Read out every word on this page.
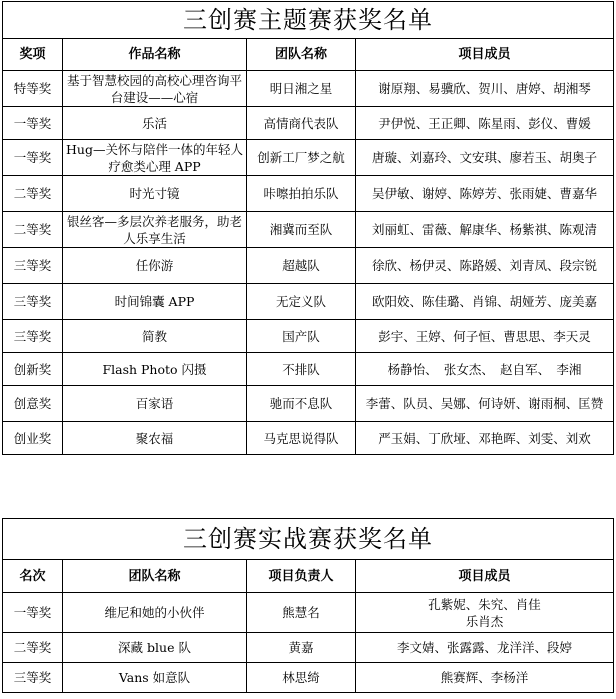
三创赛主题赛获奖名单			
奖项	作品名称	团队名称	项目成员
特等奖	基于智慧校园的高校心理咨询平台建设——心宿	明日湘之星	谢原翔、易骥欣、贺川、唐婷、胡湘琴
一等奖	乐活	高情商代表队	尹伊悦、王正卿、陈星雨、彭仪、曹媛
一等奖	Hug—关怀与陪伴一体的年轻人疗愈类心理 APP	创新工厂梦之航	唐璇、刘嘉玲、文安琪、廖若玉、胡奥子
二等奖	时光寸镜	咔嚓拍拍乐队	吴伊敏、谢婷、陈婷芳、张雨婕、曹嘉华
二等奖	银丝客—多层次养老服务，助老人乐享生活	湘冀而至队	刘丽虹、雷薇、解康华、杨紫祺、陈观清
三等奖	任你游	超越队	徐欣、杨伊灵、陈路媛、刘青凤、段宗锐
三等奖	时间锦囊 APP	无定义队	欧阳姣、陈佳璐、肖锦、胡娅芳、庞美嘉
三等奖	简教	国产队	彭宇、王婷、何子恒、曹思思、李天灵
创新奖	Flash Photo 闪摄	不排队	杨静怡、　张女杰、　赵自军、　李湘
创意奖	百家语	驰而不息队	李蕾、队员、吴娜、何诗妍、谢雨桐、匡赞
创业奖	聚农福	马克思说得队	严玉娟、丁欣垭、邓艳晖、刘雯、刘欢
三创赛实战赛获奖名单			
名次	团队名称	项目负责人	项目成员
一等奖	维尼和她的小伙伴	熊慧名	孔紫妮、朱究、肖佳乐肖杰
二等奖	深藏 blue 队	黄嘉	李文婧、张露露、龙洋洋、段婷
三等奖	Vans 如意队	林思绮	熊赛辉、李杨洋
